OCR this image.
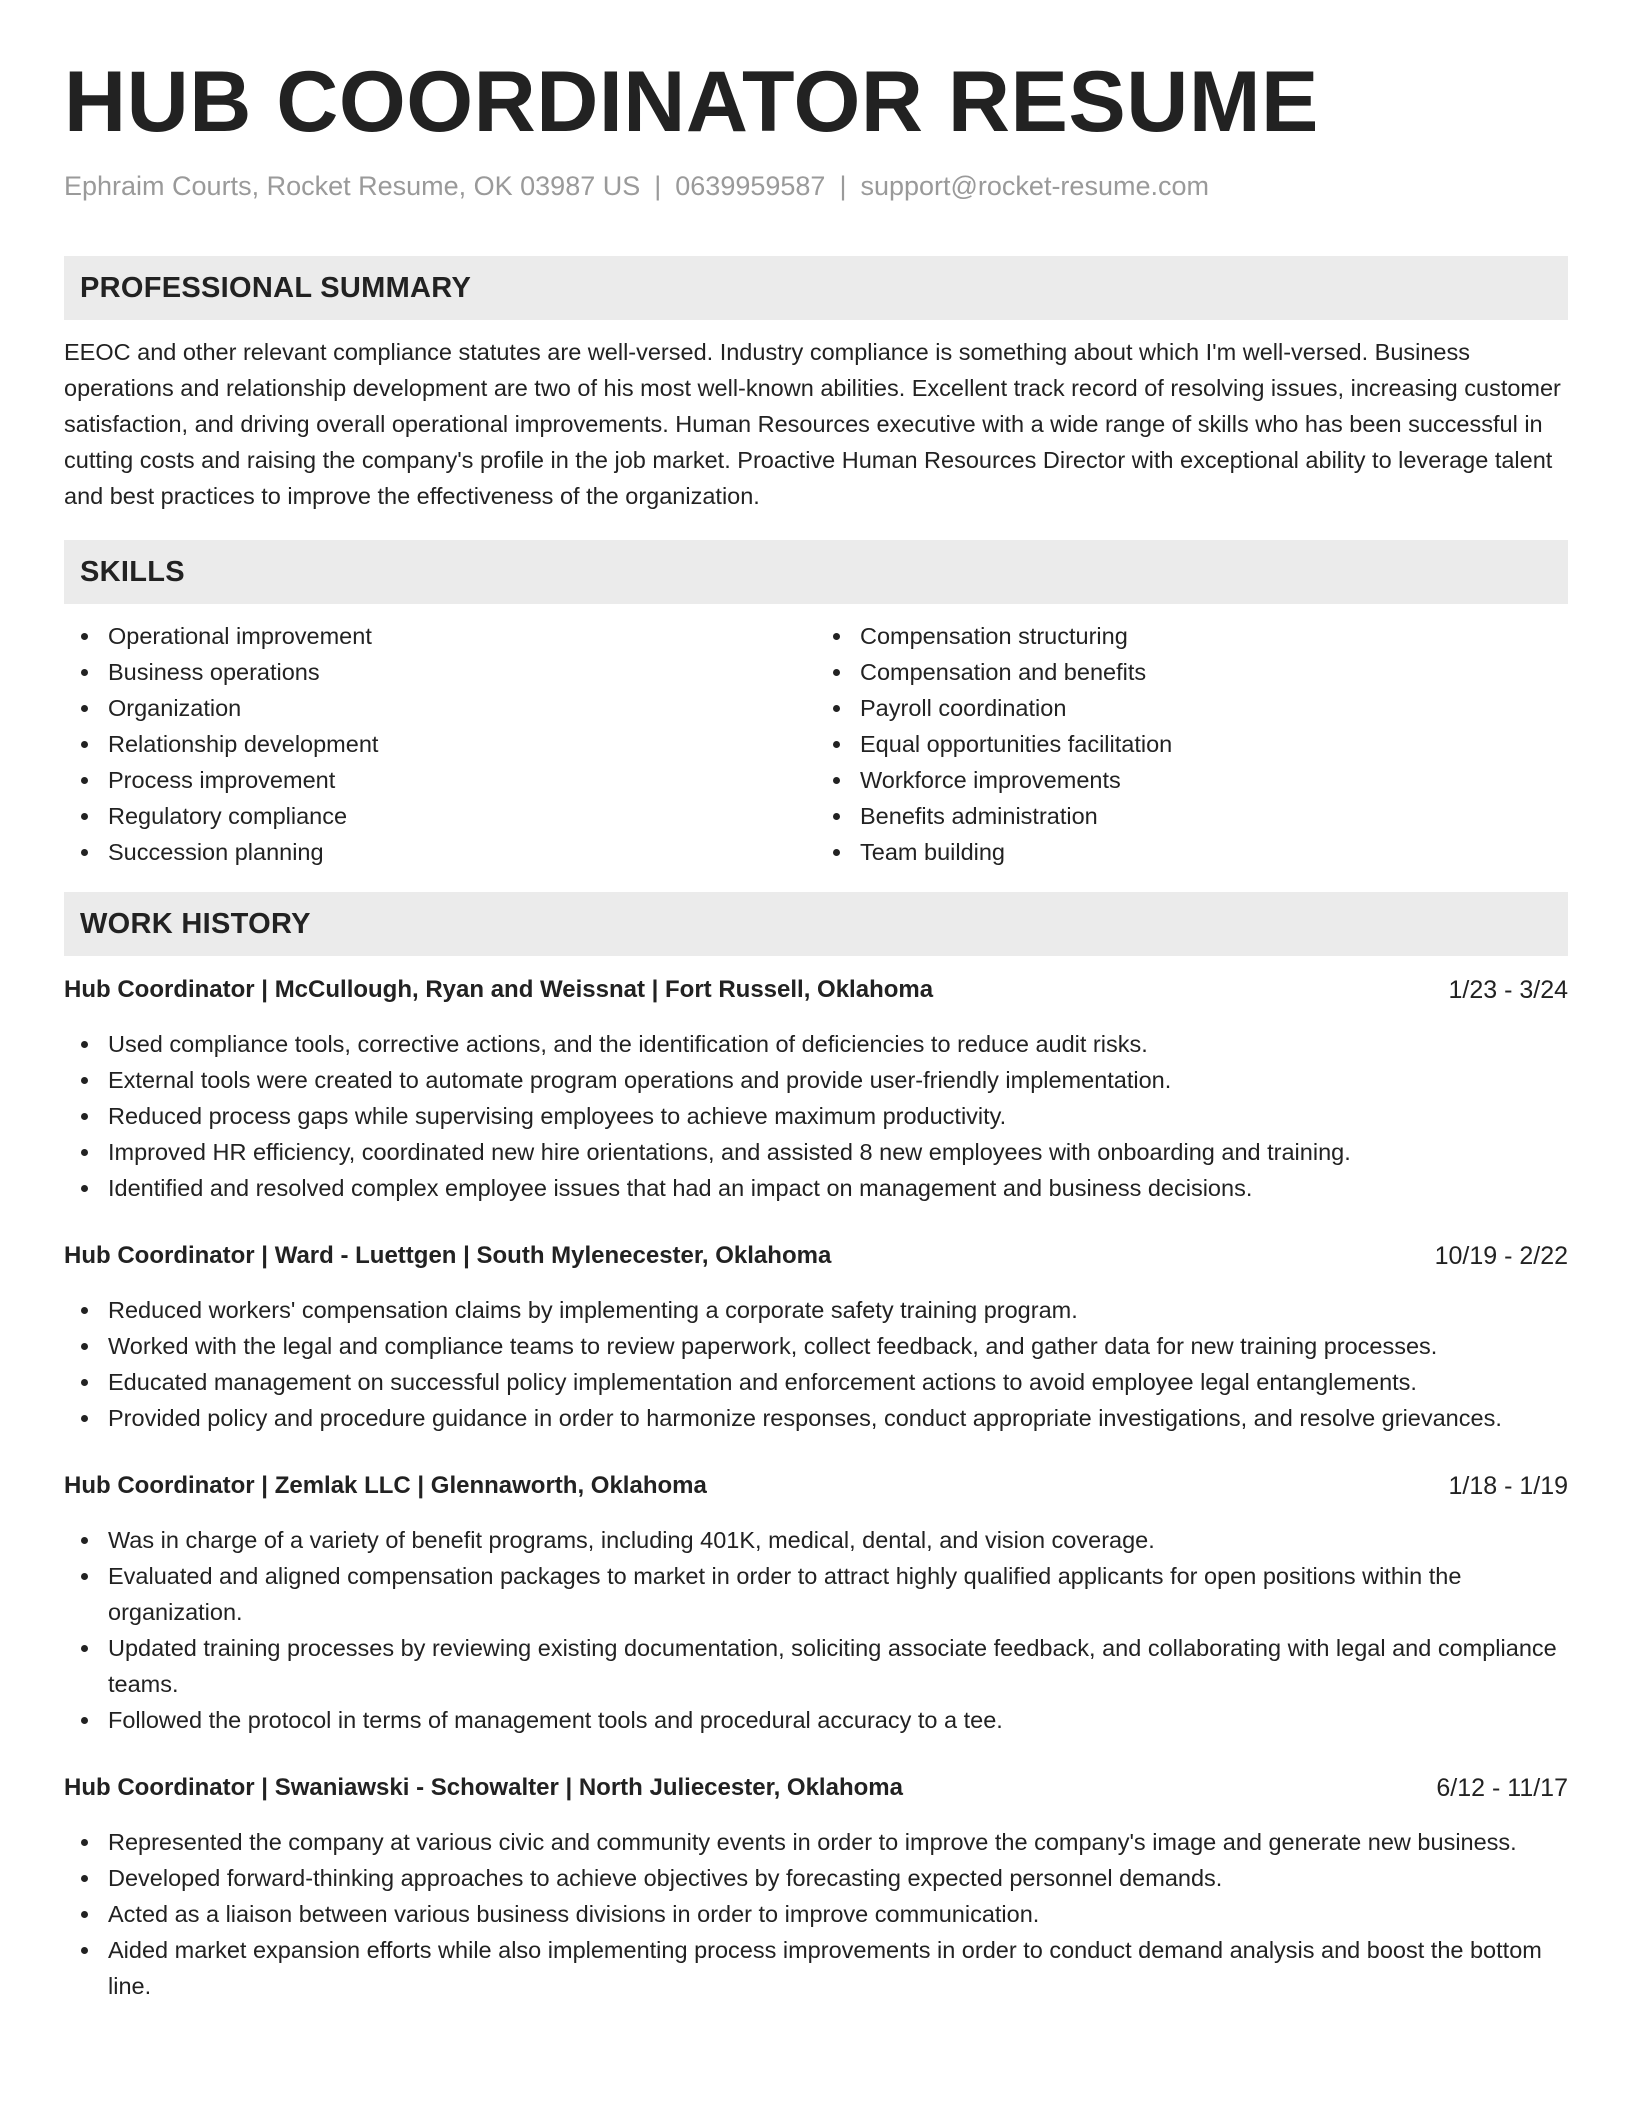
HUB COORDINATOR RESUME
Ephraim Courts, Rocket Resume, OK 03987 US | 0639959587 | support@rocket-resume.com
PROFESSIONAL SUMMARY

EEOC and other relevant compliance statutes are well-versed. Industry compliance is something about which I'm well-versed. Business operations and relationship development are two of his most well-known abilities. Excellent track record of resolving issues, increasing customer satisfaction, and driving overall operational improvements. Human Resources executive with a wide range of skills who has been successful in cutting costs and raising the company's profile in the job market. Proactive Human Resources Director with exceptional ability to leverage talent and best practices to improve the effectiveness of the organization.

SKILLS
Operational improvement
Business operations
Organization
Relationship development
Process improvement
Regulatory compliance
Succession planning
Compensation structuring
Compensation and benefits
Payroll coordination
Equal opportunities facilitation
Workforce improvements
Benefits administration
Team building
WORK HISTORY
Hub Coordinator | McCullough, Ryan and Weissnat | Fort Russell, Oklahoma	1/23 - 3/24
Used compliance tools, corrective actions, and the identification of deficiencies to reduce audit risks.
External tools were created to automate program operations and provide user-friendly implementation.
Reduced process gaps while supervising employees to achieve maximum productivity.
Improved HR efficiency, coordinated new hire orientations, and assisted 8 new employees with onboarding and training.
Identified and resolved complex employee issues that had an impact on management and business decisions.
Hub Coordinator | Ward - Luettgen | South Mylenecester, Oklahoma	10/19 - 2/22
Reduced workers' compensation claims by implementing a corporate safety training program.
Worked with the legal and compliance teams to review paperwork, collect feedback, and gather data for new training processes.
Educated management on successful policy implementation and enforcement actions to avoid employee legal entanglements.
Provided policy and procedure guidance in order to harmonize responses, conduct appropriate investigations, and resolve grievances.
Hub Coordinator | Zemlak LLC | Glennaworth, Oklahoma	1/18 - 1/19
Was in charge of a variety of benefit programs, including 401K, medical, dental, and vision coverage.
Evaluated and aligned compensation packages to market in order to attract highly qualified applicants for open positions within the organization.
Updated training processes by reviewing existing documentation, soliciting associate feedback, and collaborating with legal and compliance teams.
Followed the protocol in terms of management tools and procedural accuracy to a tee.
Hub Coordinator | Swaniawski - Schowalter | North Juliecester, Oklahoma	6/12 - 11/17
Represented the company at various civic and community events in order to improve the company's image and generate new business.
Developed forward-thinking approaches to achieve objectives by forecasting expected personnel demands.
Acted as a liaison between various business divisions in order to improve communication.
Aided market expansion efforts while also implementing process improvements in order to conduct demand analysis and boost the bottom line.
